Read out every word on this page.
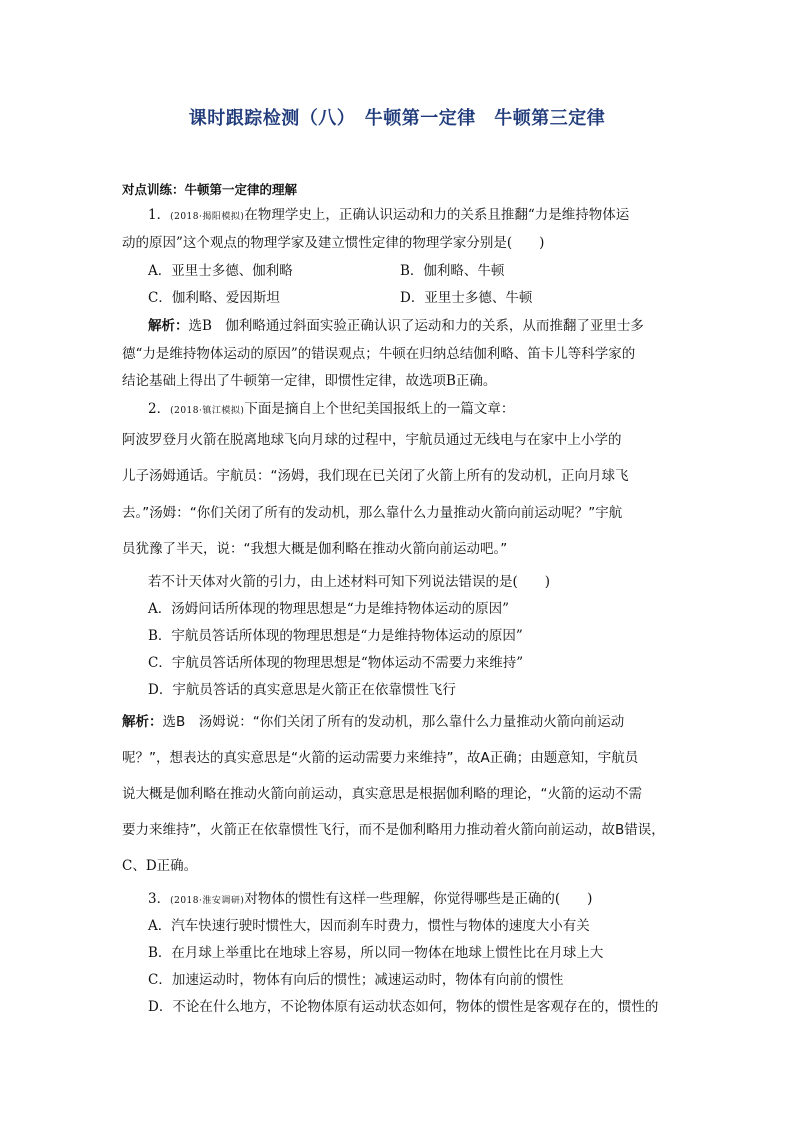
课时跟踪检测（八）　牛顿第一定律　牛顿第三定律
对点训练：牛顿第一定律的理解
1．(2018·揭阳模拟)在物理学史上，正确认识运动和力的关系且推翻“力是维持物体运
动的原因”这个观点的物理学家及建立惯性定律的物理学家分别是(　　)
A．亚里士多德、伽利略	B．伽利略、牛顿
C．伽利略、爱因斯坦	D．亚里士多德、牛顿
解析：选B　 伽利略通过斜面实验正确认识了运动和力的关系，从而推翻了亚里士多
德“力是维持物体运动的原因”的错误观点；牛顿在归纳总结伽利略、笛卡儿等科学家的
结论基础上得出了牛顿第一定律，即惯性定律，故选项B正确。
2．(2018·镇江模拟)下面是摘自上个世纪美国报纸上的一篇文章：
阿波罗登月火箭在脱离地球飞向月球的过程中，宇航员通过无线电与在家中上小学的
儿子汤姆通话。宇航员：“汤姆，我们现在已关闭了火箭上所有的发动机，正向月球飞
去。”汤姆：“你们关闭了所有的发动机，那么靠什么力量推动火箭向前运动呢？”宇航
员犹豫了半天，说：“我想大概是伽利略在推动火箭向前运动吧。”
若不计天体对火箭的引力，由上述材料可知下列说法错误的是(　　)
A．汤姆问话所体现的物理思想是“力是维持物体运动的原因”
B．宇航员答话所体现的物理思想是“力是维持物体运动的原因”
C．宇航员答话所体现的物理思想是“物体运动不需要力来维持”
D．宇航员答话的真实意思是火箭正在依靠惯性飞行
解析：选B　 汤姆说：“你们关闭了所有的发动机，那么靠什么力量推动火箭向前运动
呢？”，想表达的真实意思是“火箭的运动需要力来维持”，故A正确；由题意知，宇航员
说大概是伽利略在推动火箭向前运动，真实意思是根据伽利略的理论，“火箭的运动不需
要力来维持”，火箭正在依靠惯性飞行，而不是伽利略用力推动着火箭向前运动，故B错误，
C、D正确。
3．(2018·淮安调研)对物体的惯性有这样一些理解，你觉得哪些是正确的(　　)
A．汽车快速行驶时惯性大，因而刹车时费力，惯性与物体的速度大小有关
B．在月球上举重比在地球上容易，所以同一物体在地球上惯性比在月球上大
C．加速运动时，物体有向后的惯性；减速运动时，物体有向前的惯性
D．不论在什么地方，不论物体原有运动状态如何，物体的惯性是客观存在的，惯性的
